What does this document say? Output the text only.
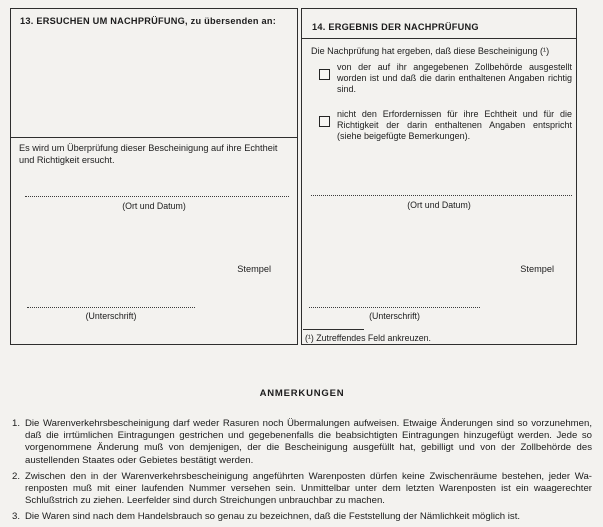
13. ERSUCHEN UM NACHPRÜFUNG, zu übersenden an:

Es wird um Überprüfung dieser Bescheinigung auf ihre Echtheit und Richtigkeit ersucht.

(Ort und Datum)
Stempel
(Unterschrift)
14. ERGEBNIS DER NACHPRÜFUNG

Die Nachprüfung hat ergeben, daß diese Bescheinigung (¹)

von der auf ihr angegebenen Zollbehörde ausgestellt worden ist und daß die darin enthaltenen Angaben richtig sind.

nicht den Erfordernissen für ihre Echtheit und für die Richtigkeit der darin enthaltenen Angaben entspricht (siehe beigefügte Bemerkungen).

(Ort und Datum)
Stempel
(Unterschrift)
(¹) Zutreffendes Feld ankreuzen.
ANMERKUNGEN
1. Die Warenverkehrsbescheinigung darf weder Rasuren noch Übermalungen aufweisen. Etwaige Änderungen sind so vorzunehmen, daß die irrtümlichen Eintragungen gestrichen und gegebenenfalls die beabsichtigten Eintragungen hinzugefügt werden. Jede so vorgenommene Änderung muß von demjenigen, der die Bescheinigung ausgefüllt hat, gebilligt und von der Zollbehörde des austellenden Staates oder Gebietes bestätigt werden.
2. Zwischen den in der Warenverkehrsbescheinigung angeführten Warenposten dürfen keine Zwischenräume bestehen, jeder Warenposten muß mit einer laufenden Nummer versehen sein. Unmittelbar unter dem letzten Warenposten ist ein waagerechter Schlußstrich zu ziehen. Leerfelder sind durch Streichungen unbrauchbar zu machen.
3. Die Waren sind nach dem Handelsbrauch so genau zu bezeichnen, daß die Feststellung der Nämlichkeit möglich ist.
